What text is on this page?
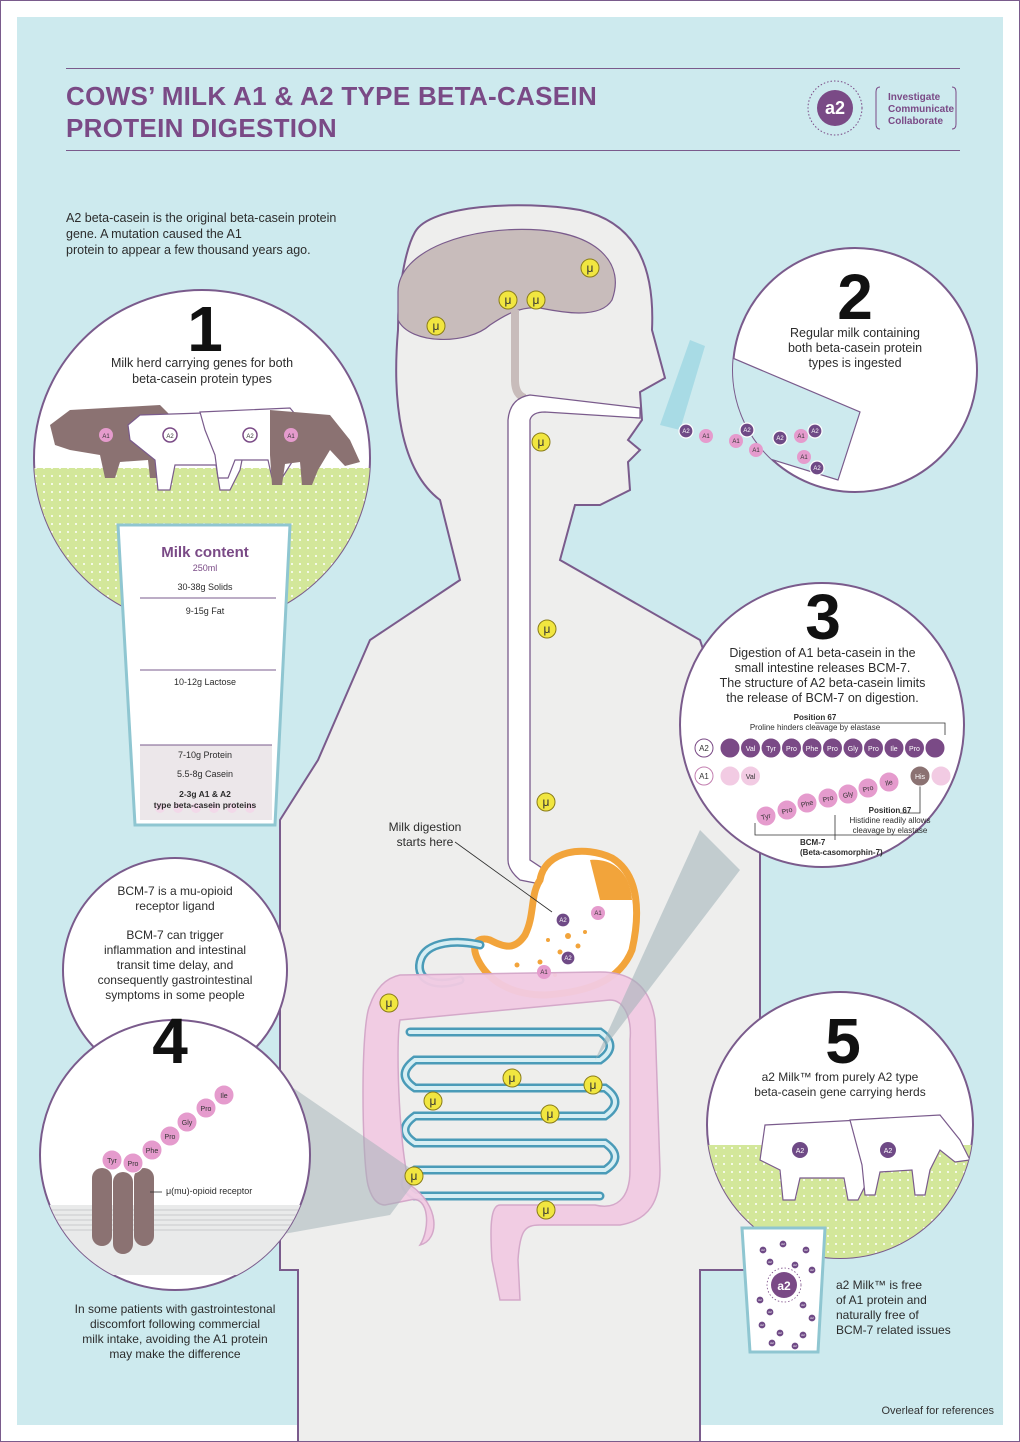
COWS’ MILK A1 & A2 TYPE BETA-CASEIN
PROTEIN DIGESTION
A2 beta-casein is the original beta-casein protein
gene. A mutation caused the A1
protein to appear a few thousand years ago.
a2
Investigate
Communicate
Collaborate
A1	A2	A2	A1
A2	A2
a2
μ
μ μ
μ
μ
μ
μ
μ
μ	μ
μ
μ
μ
μ
A2
A1
A2
A1	A2 A1
A2
A1
A1
A2
A2
A1
A2
A1
A2	Val Tyr Pro Phe Pro Gly Pro Ile Pro
A1	Val	His
Tyr
Pro
Phe
Pro Gly
Pro
Ile
Tyr Pro
Phe
Pro
Gly
Pro
Ile
A2
A2
A2
A2
A2
A2
A2
A2
A2
A2
A2
A2	A2
A2
A2
1
Milk herd carrying genes for both
beta-casein protein types
Milk content
250ml
30-38g Solids
9-15g Fat
10-12g Lactose
7-10g Protein
5.5-8g Casein
2-3g A1 & A2
type beta-casein proteins
2
Regular milk containing
both beta-casein protein
types is ingested
3
Digestion of A1 beta-casein in the
small intestine releases BCM-7.
The structure of A2 beta-casein limits
the release of BCM-7 on digestion.
Position 67
Proline hinders cleavage by elastase
Position 67
Histidine readily allows
cleavage by elastase
BCM-7
(Beta-casomorphin-7)
BCM-7 is a mu-opioid
receptor ligand
BCM-7 can trigger
inflammation and intestinal
transit time delay, and
consequently gastrointestinal
symptoms in some people
4
μ(mu)-opioid receptor
In some patients with gastrointestonal
discomfort following commercial
milk intake, avoiding the A1 protein
may make the difference
Milk digestion
starts here
5
a2 Milk™ from purely A2 type
beta-casein gene carrying herds
a2 Milk™ is free
of A1 protein and
naturally free of
BCM-7 related issues
Overleaf for references
